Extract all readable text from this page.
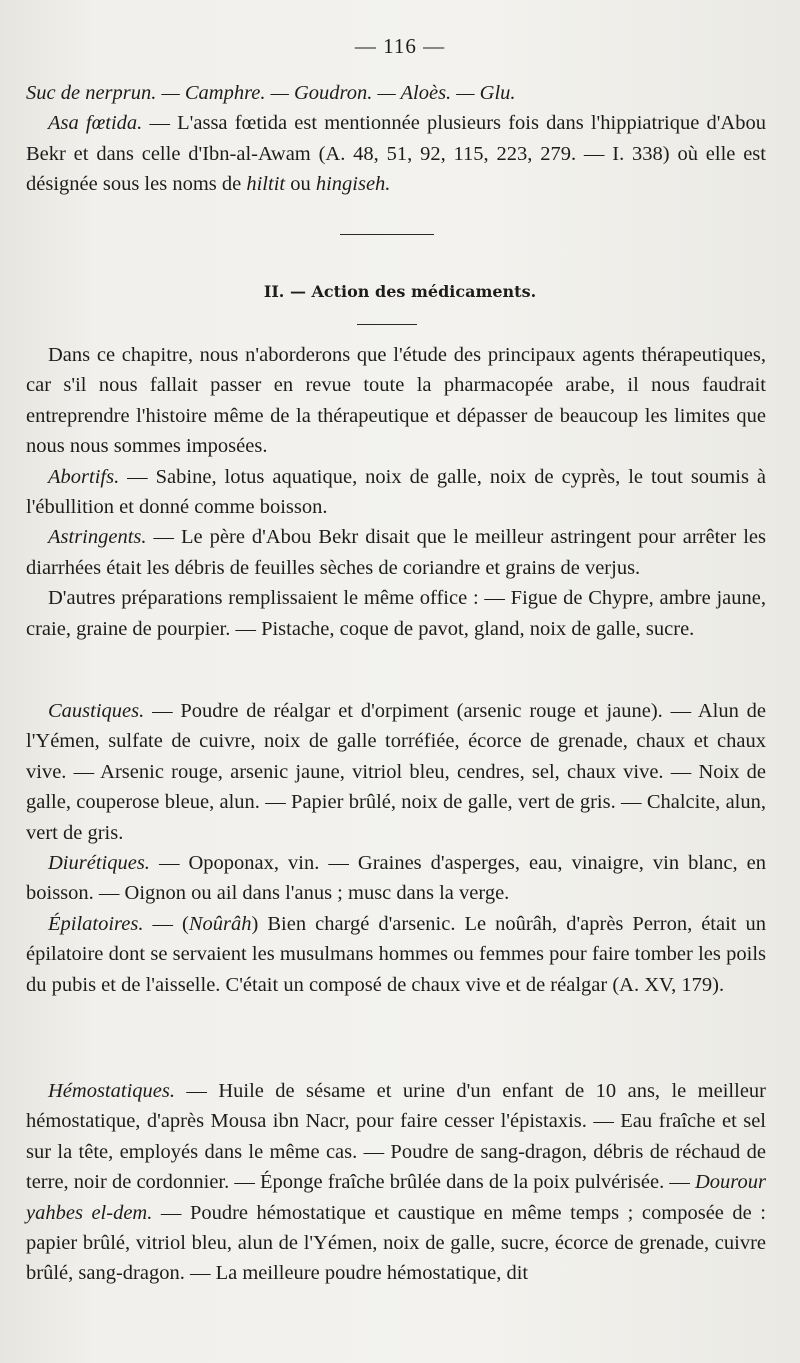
— 116 —

Suc de nerprun. — Camphre. — Goudron. — Aloès. — Glu.

Asa fœtida. — L'assa fœtida est mentionnée plusieurs fois dans l'hippiatrique d'Abou Bekr et dans celle d'Ibn-al-Awam (A. 48, 51, 92, 115, 223, 279. — I. 338) où elle est désignée sous les noms de hiltit ou hingiseh.

II. — Action des médicaments.

Dans ce chapitre, nous n'aborderons que l'étude des principaux agents thérapeutiques, car s'il nous fallait passer en revue toute la pharmacopée arabe, il nous faudrait entreprendre l'histoire même de la thérapeutique et dépasser de beaucoup les limites que nous nous sommes imposées.

Abortifs. — Sabine, lotus aquatique, noix de galle, noix de cyprès, le tout soumis à l'ébullition et donné comme boisson.

Astringents. — Le père d'Abou Bekr disait que le meilleur astringent pour arrêter les diarrhées était les débris de feuilles sèches de coriandre et grains de verjus.

D'autres préparations remplissaient le même office : — Figue de Chypre, ambre jaune, craie, graine de pourpier. — Pistache, coque de pavot, gland, noix de galle, sucre.

Caustiques. — Poudre de réalgar et d'orpiment (arsenic rouge et jaune). — Alun de l'Yémen, sulfate de cuivre, noix de galle torréfiée, écorce de grenade, chaux et chaux vive. — Arsenic rouge, arsenic jaune, vitriol bleu, cendres, sel, chaux vive. — Noix de galle, couperose bleue, alun. — Papier brûlé, noix de galle, vert de gris. — Chalcite, alun, vert de gris.

Diurétiques. — Opoponax, vin. — Graines d'asperges, eau, vinaigre, vin blanc, en boisson. — Oignon ou ail dans l'anus ; musc dans la verge.

Épilatoires. — (Noûrâh) Bien chargé d'arsenic. Le noûrâh, d'après Perron, était un épilatoire dont se servaient les musulmans hommes ou femmes pour faire tomber les poils du pubis et de l'aisselle. C'était un composé de chaux vive et de réalgar (A. XV, 179).

Hémostatiques. — Huile de sésame et urine d'un enfant de 10 ans, le meilleur hémostatique, d'après Mousa ibn Nacr, pour faire cesser l'épistaxis. — Eau fraîche et sel sur la tête, employés dans le même cas. — Poudre de sang-dragon, débris de réchaud de terre, noir de cordonnier. — Éponge fraîche brûlée dans de la poix pulvérisée. — Dourour yahbes el-dem. — Poudre hémostatique et caustique en même temps ; composée de : papier brûlé, vitriol bleu, alun de l'Yémen, noix de galle, sucre, écorce de grenade, cuivre brûlé, sang-dragon. — La meilleure poudre hémostatique, dit
